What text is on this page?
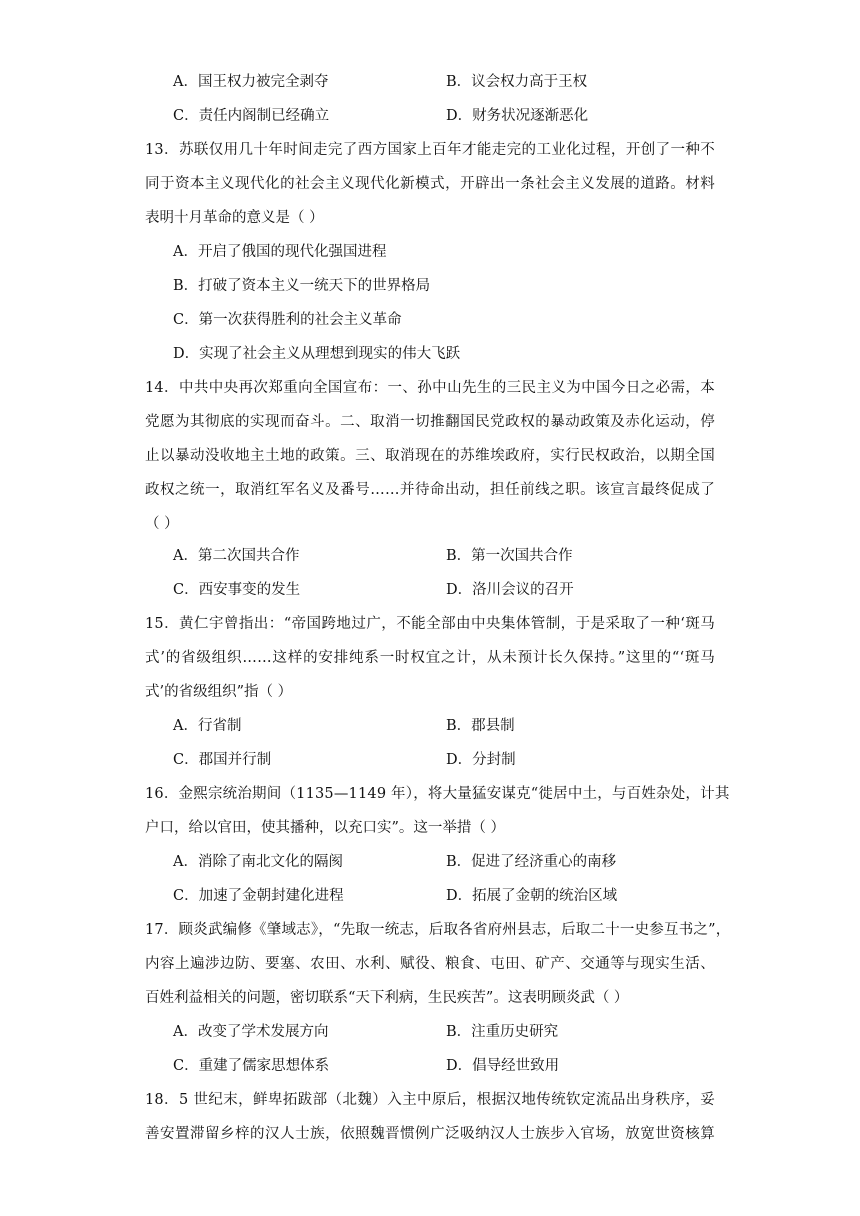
A．国王权力被完全剥夺	B．议会权力高于王权
C．责任内阁制已经确立	D．财务状况逐渐恶化
13．苏联仅用几十年时间走完了西方国家上百年才能走完的工业化过程，开创了一种不
同于资本主义现代化的社会主义现代化新模式，开辟出一条社会主义发展的道路。材料
表明十月革命的意义是（ ）
A．开启了俄国的现代化强国进程
B．打破了资本主义一统天下的世界格局
C．第一次获得胜利的社会主义革命
D．实现了社会主义从理想到现实的伟大飞跃
14．中共中央再次郑重向全国宣布：一、孙中山先生的三民主义为中国今日之必需，本
党愿为其彻底的实现而奋斗。二、取消一切推翻国民党政权的暴动政策及赤化运动，停
止以暴动没收地主土地的政策。三、取消现在的苏维埃政府，实行民权政治，以期全国
政权之统一，取消红军名义及番号……并待命出动，担任前线之职。该宣言最终促成了
（ ）
A．第二次国共合作	B．第一次国共合作
C．西安事变的发生	D．洛川会议的召开
15．黄仁宇曾指出：“帝国跨地过广，不能全部由中央集体管制，于是采取了一种‘斑马
式’的省级组织……这样的安排纯系一时权宜之计，从未预计长久保持。”这里的“‘斑马
式’的省级组织”指（ ）
A．行省制	B．郡县制
C．郡国并行制	D．分封制
16．金熙宗统治期间（1135—1149 年），将大量猛安谋克“徙居中土，与百姓杂处，计其
户口，给以官田，使其播种，以充口实”。这一举措（ ）
A．消除了南北文化的隔阂	B．促进了经济重心的南移
C．加速了金朝封建化进程	D．拓展了金朝的统治区域
17．顾炎武编修《肇域志》，“先取一统志，后取各省府州县志，后取二十一史参互书之”，
内容上遍涉边防、要塞、农田、水利、赋役、粮食、屯田、矿产、交通等与现实生活、
百姓利益相关的问题，密切联系“天下利病，生民疾苦”。这表明顾炎武（ ）
A．改变了学术发展方向	B．注重历史研究
C．重建了儒家思想体系	D．倡导经世致用
18．5 世纪末，鲜卑拓跋部（北魏）入主中原后，根据汉地传统钦定流品出身秩序，妥
善安置滞留乡梓的汉人士族，依照魏晋惯例广泛吸纳汉人士族步入官场，放宽世资核算
